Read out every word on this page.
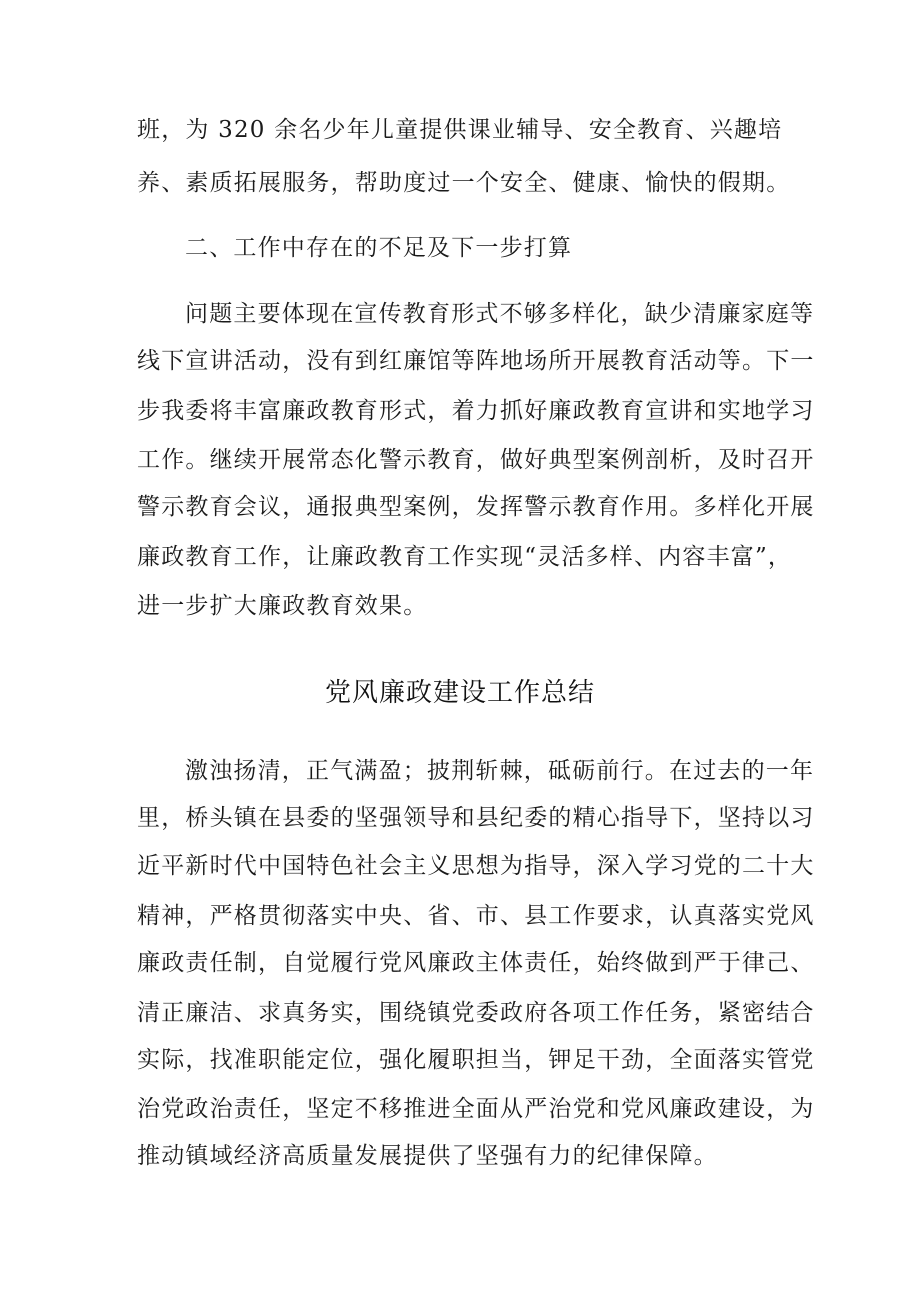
班，为 320 余名少年儿童提供课业辅导、安全教育、兴趣培
养、素质拓展服务，帮助度过一个安全、健康、愉快的假期。
二、工作中存在的不足及下一步打算
问题主要体现在宣传教育形式不够多样化，缺少清廉家庭等
线下宣讲活动，没有到红廉馆等阵地场所开展教育活动等。下一
步我委将丰富廉政教育形式，着力抓好廉政教育宣讲和实地学习
工作。继续开展常态化警示教育，做好典型案例剖析，及时召开
警示教育会议，通报典型案例，发挥警示教育作用。多样化开展
廉政教育工作，让廉政教育工作实现“灵活多样、内容丰富”，
进一步扩大廉政教育效果。
党风廉政建设工作总结
激浊扬清，正气满盈；披荆斩棘，砥砺前行。在过去的一年
里，桥头镇在县委的坚强领导和县纪委的精心指导下，坚持以习
近平新时代中国特色社会主义思想为指导，深入学习党的二十大
精神，严格贯彻落实中央、省、市、县工作要求，认真落实党风
廉政责任制，自觉履行党风廉政主体责任，始终做到严于律己、
清正廉洁、求真务实，围绕镇党委政府各项工作任务，紧密结合
实际，找准职能定位，强化履职担当，钾足干劲，全面落实管党
治党政治责任，坚定不移推进全面从严治党和党风廉政建设，为
推动镇域经济高质量发展提供了坚强有力的纪律保障。
